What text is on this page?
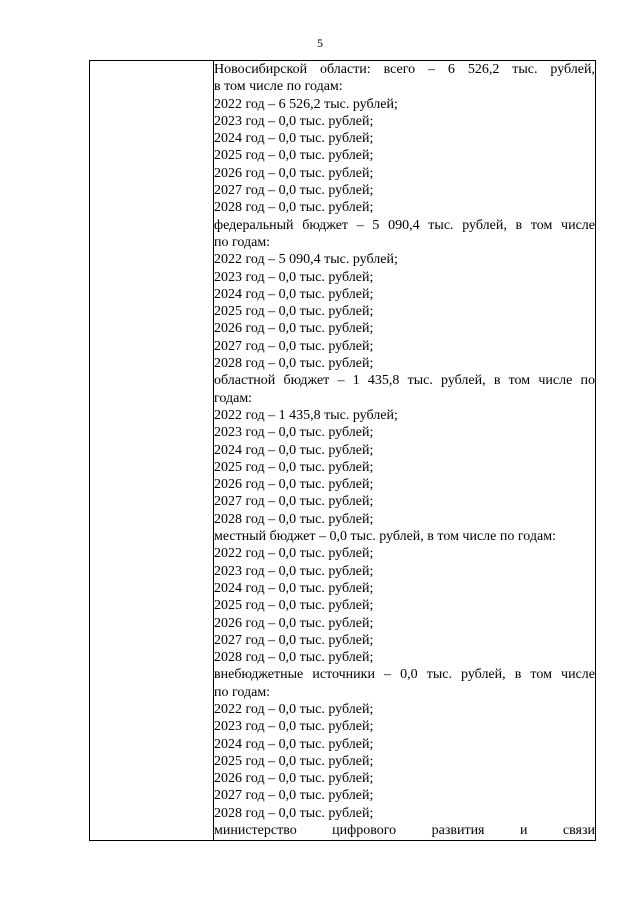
5

Новосибирской области: всего – 6 526,2 тыс. рублей,
в том числе по годам:
2022 год – 6 526,2 тыс. рублей;
2023 год – 0,0 тыс. рублей;
2024 год – 0,0 тыс. рублей;
2025 год – 0,0 тыс. рублей;
2026 год – 0,0 тыс. рублей;
2027 год – 0,0 тыс. рублей;
2028 год – 0,0 тыс. рублей;
федеральный бюджет – 5 090,4 тыс. рублей, в том числе
по годам:
2022 год – 5 090,4 тыс. рублей;
2023 год – 0,0 тыс. рублей;
2024 год – 0,0 тыс. рублей;
2025 год – 0,0 тыс. рублей;
2026 год – 0,0 тыс. рублей;
2027 год – 0,0 тыс. рублей;
2028 год – 0,0 тыс. рублей;
областной бюджет – 1 435,8 тыс. рублей, в том числе по
годам:
2022 год – 1 435,8 тыс. рублей;
2023 год – 0,0 тыс. рублей;
2024 год – 0,0 тыс. рублей;
2025 год – 0,0 тыс. рублей;
2026 год – 0,0 тыс. рублей;
2027 год – 0,0 тыс. рублей;
2028 год – 0,0 тыс. рублей;
местный бюджет – 0,0 тыс. рублей, в том числе по годам:
2022 год – 0,0 тыс. рублей;
2023 год – 0,0 тыс. рублей;
2024 год – 0,0 тыс. рублей;
2025 год – 0,0 тыс. рублей;
2026 год – 0,0 тыс. рублей;
2027 год – 0,0 тыс. рублей;
2028 год – 0,0 тыс. рублей;
внебюджетные источники – 0,0 тыс. рублей, в том числе
по годам:
2022 год – 0,0 тыс. рублей;
2023 год – 0,0 тыс. рублей;
2024 год – 0,0 тыс. рублей;
2025 год – 0,0 тыс. рублей;
2026 год – 0,0 тыс. рублей;
2027 год – 0,0 тыс. рублей;
2028 год – 0,0 тыс. рублей;
министерство цифрового развития и связи
